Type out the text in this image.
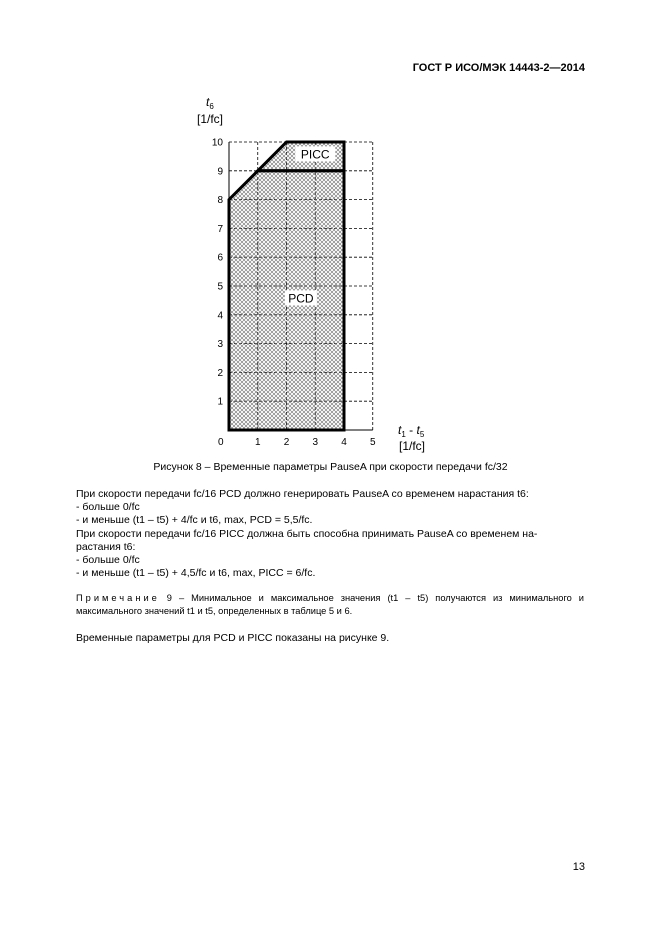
ГОСТ Р ИСО/МЭК 14443-2—2014
PCD
PICC
1 2 3 4 5
1
2
3
4
5
6
7
8
9
10
$t_6$
[1/fc]
$t_1 - t_5$
[1/fc]
0
Рисунок 8 – Временные параметры PauseA при скорости передачи fc/32

При скорости передачи fc/16 PCD должно генерировать PauseA со временем нарастания t6:

- больше 0/fc

- и меньше (t1 – t5) + 4/fc и t6, max, PCD = 5,5/fc.

При скорости передачи fc/16 PICC должна быть способна принимать PauseA со временем на-

растания t6:

- больше 0/fc

- и меньше (t1 – t5) + 4,5/fc и t6, max, PICC = 6/fc.

Примечание 9 – Минимальное и максимальное значения (t1 – t5) получаются из минимального и максимального значений t1 и t5, определенных в таблице 5 и 6.
Временные параметры для PCD и PICC показаны на рисунке 9.
13
